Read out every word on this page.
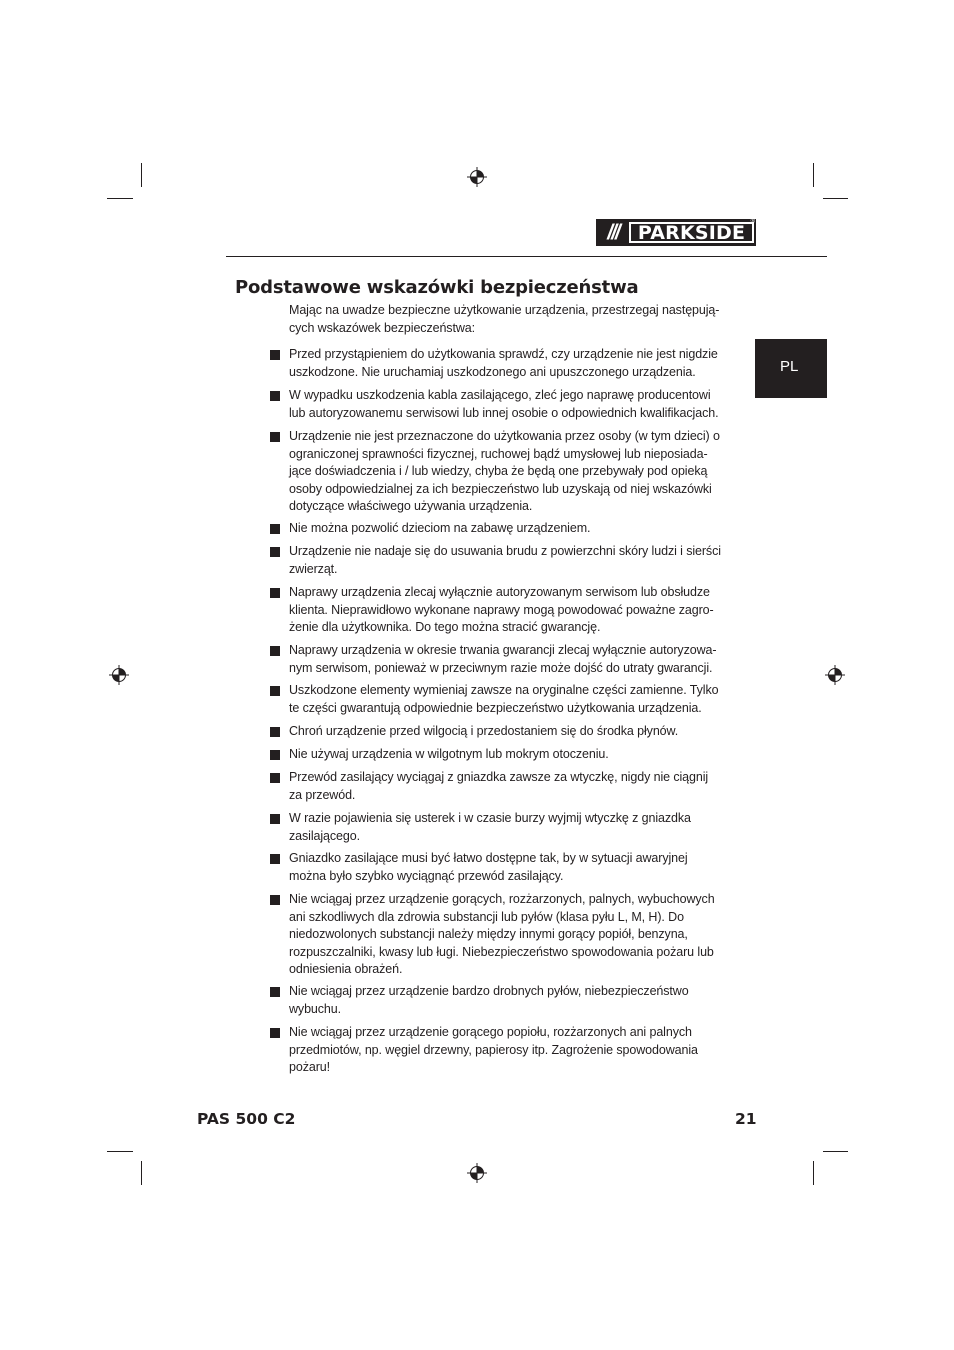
///	PARKSIDE ®
PL
Podstawowe wskazówki bezpieczeństwa

Mając na uwadze bezpieczne użytkowanie urządzenia, przestrzegaj następują-
cych wskazówek bezpieczeństwa:

Przed przystąpieniem do użytkowania sprawdź, czy urządzenie nie jest nigdzie
uszkodzone. Nie uruchamiaj uszkodzonego ani upuszczonego urządzenia.
W wypadku uszkodzenia kabla zasilającego, zleć jego naprawę producentowi
lub autoryzowanemu serwisowi lub innej osobie o odpowiednich kwalifikacjach.
Urządzenie nie jest przeznaczone do użytkowania przez osoby (w tym dzieci) o
ograniczonej sprawności fizycznej, ruchowej bądź umysłowej lub nieposiada-
jące doświadczenia i / lub wiedzy, chyba że będą one przebywały pod opieką
osoby odpowiedzialnej za ich bezpieczeństwo lub uzyskają od niej wskazówki
dotyczące właściwego używania urządzenia.
Nie można pozwolić dzieciom na zabawę urządzeniem.
Urządzenie nie nadaje się do usuwania brudu z powierzchni skóry ludzi i sierści
zwierząt.
Naprawy urządzenia zlecaj wyłącznie autoryzowanym serwisom lub obsłudze
klienta. Nieprawidłowo wykonane naprawy mogą powodować poważne zagro-
żenie dla użytkownika. Do tego można stracić gwarancję.
Naprawy urządzenia w okresie trwania gwarancji zlecaj wyłącznie autoryzowa-
nym serwisom, ponieważ w przeciwnym razie może dojść do utraty gwarancji.
Uszkodzone elementy wymieniaj zawsze na oryginalne części zamienne. Tylko
te części gwarantują odpowiednie bezpieczeństwo użytkowania urządzenia.
Chroń urządzenie przed wilgocią i przedostaniem się do środka płynów.
Nie używaj urządzenia w wilgotnym lub mokrym otoczeniu.
Przewód zasilający wyciągaj z gniazdka zawsze za wtyczkę, nigdy nie ciągnij
za przewód.
W razie pojawienia się usterek i w czasie burzy wyjmij wtyczkę z gniazdka
zasilającego.
Gniazdko zasilające musi być łatwo dostępne tak, by w sytuacji awaryjnej
można było szybko wyciągnąć przewód zasilający.
Nie wciągaj przez urządzenie gorących, rozżarzonych, palnych, wybuchowych
ani szkodliwych dla zdrowia substancji lub pyłów (klasa pyłu L, M, H). Do
niedozwolonych substancji należy między innymi gorący popiół, benzyna,
rozpuszczalniki, kwasy lub ługi. Niebezpieczeństwo spowodowania pożaru lub
odniesienia obrażeń.
Nie wciągaj przez urządzenie bardzo drobnych pyłów, niebezpieczeństwo
wybuchu.
Nie wciągaj przez urządzenie gorącego popiołu, rozżarzonych ani palnych
przedmiotów, np. węgiel drzewny, papierosy itp. Zagrożenie spowodowania
pożaru!
PAS 500 C2	21
